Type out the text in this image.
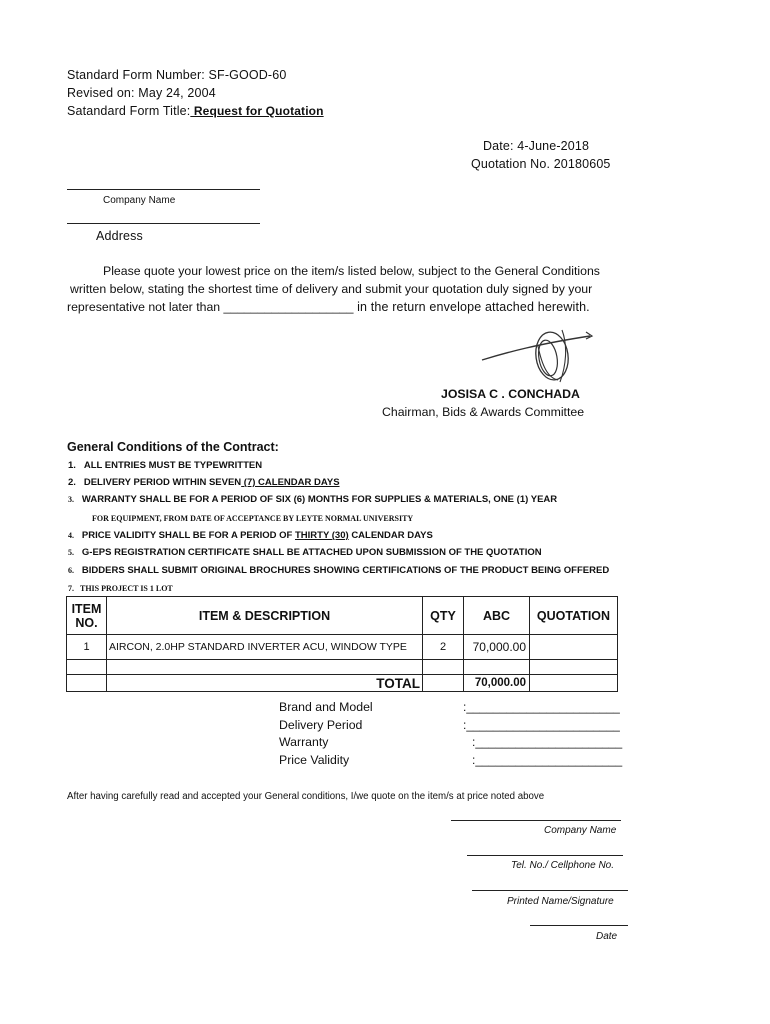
Standard Form Number: SF-GOOD-60
Revised on: May 24, 2004
Satandard Form Title: Request for Quotation
Date: 4-June-2018
Quotation No. 20180605
Company Name
Address
Please quote your lowest price on the item/s listed below, subject to the General Conditions
written below, stating the shortest time of delivery and submit your quotation duly signed by your
representative not later than ___________________ in the return envelope attached herewith.
JOSISA C . CONCHADA
Chairman, Bids & Awards Committee
General Conditions of the Contract:
1. ALL ENTRIES MUST BE TYPEWRITTEN
2. DELIVERY PERIOD WITHIN SEVEN (7) CALENDAR DAYS
3. WARRANTY SHALL BE FOR A PERIOD OF SIX (6) MONTHS FOR SUPPLIES & MATERIALS, ONE (1) YEAR
FOR EQUIPMENT, FROM DATE OF ACCEPTANCE BY LEYTE NORMAL UNIVERSITY
4. PRICE VALIDITY SHALL BE FOR A PERIOD OF THIRTY (30) CALENDAR DAYS
5. G-EPS REGISTRATION CERTIFICATE SHALL BE ATTACHED UPON SUBMISSION OF THE QUOTATION
6. BIDDERS SHALL SUBMIT ORIGINAL BROCHURES SHOWING CERTIFICATIONS OF THE PRODUCT BEING OFFERED
7. THIS PROJECT IS 1 LOT
ITEM
NO.	ITEM & DESCRIPTION	QTY	ABC	QUOTATION
1	AIRCON, 2.0HP STANDARD INVERTER ACU, WINDOW TYPE	2	70,000.00	

	TOTAL		70,000.00	
Brand and Model	:_______________________
Delivery Period	:_______________________
Warranty	:______________________
Price Validity	:______________________
After having carefully read and accepted your General conditions, I/we quote on the item/s at price noted above
Company Name
Tel. No./ Cellphone No.
Printed Name/Signature
Date
